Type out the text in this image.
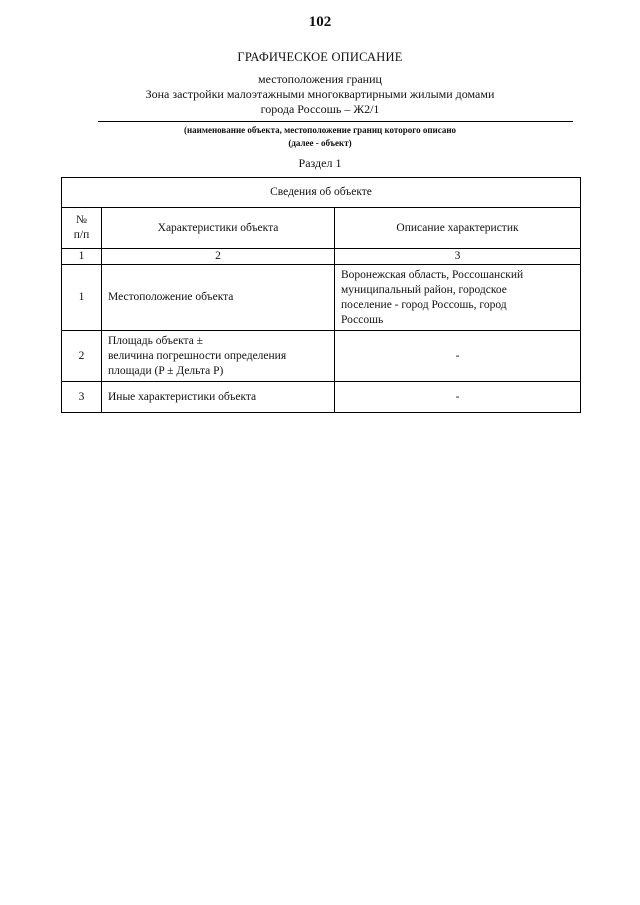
102
ГРАФИЧЕСКОЕ ОПИСАНИЕ
местоположения границ
Зона застройки малоэтажными многоквартирными жилыми домами
города Россошь – Ж2/1
(наименование объекта, местоположение границ которого описано
(далее - объект)
Раздел 1
Сведения об объекте		

№
п/п	Характеристики объекта	Описание характеристик
1	2	3
1	Местоположение объекта	Воронежская область, Россошанский
муниципальный район, городское
поселение - город Россошь, город
Россошь

2	Площадь объекта ±
величина погрешности определения
площади (P ± Дельта P)	-
3	Иные характеристики объекта	-
